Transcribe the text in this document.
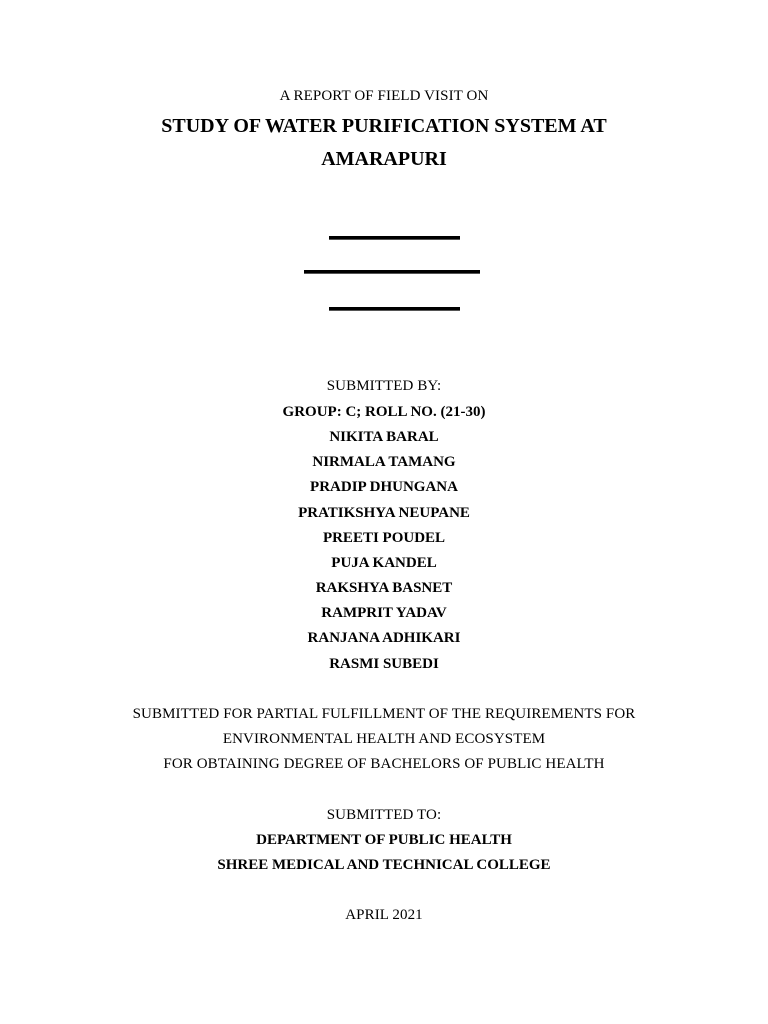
A REPORT OF FIELD VISIT ON
STUDY OF WATER PURIFICATION SYSTEM AT
AMARAPURI
SUBMITTED BY:
GROUP: C; ROLL NO. (21-30)
NIKITA BARAL
NIRMALA TAMANG
PRADIP DHUNGANA
PRATIKSHYA NEUPANE
PREETI POUDEL
PUJA KANDEL
RAKSHYA BASNET
RAMPRIT YADAV
RANJANA ADHIKARI
RASMI SUBEDI
SUBMITTED FOR PARTIAL FULFILLMENT OF THE REQUIREMENTS FOR
ENVIRONMENTAL HEALTH AND ECOSYSTEM
FOR OBTAINING DEGREE OF BACHELORS OF PUBLIC HEALTH
SUBMITTED TO:
DEPARTMENT OF PUBLIC HEALTH
SHREE MEDICAL AND TECHNICAL COLLEGE
APRIL 2021
